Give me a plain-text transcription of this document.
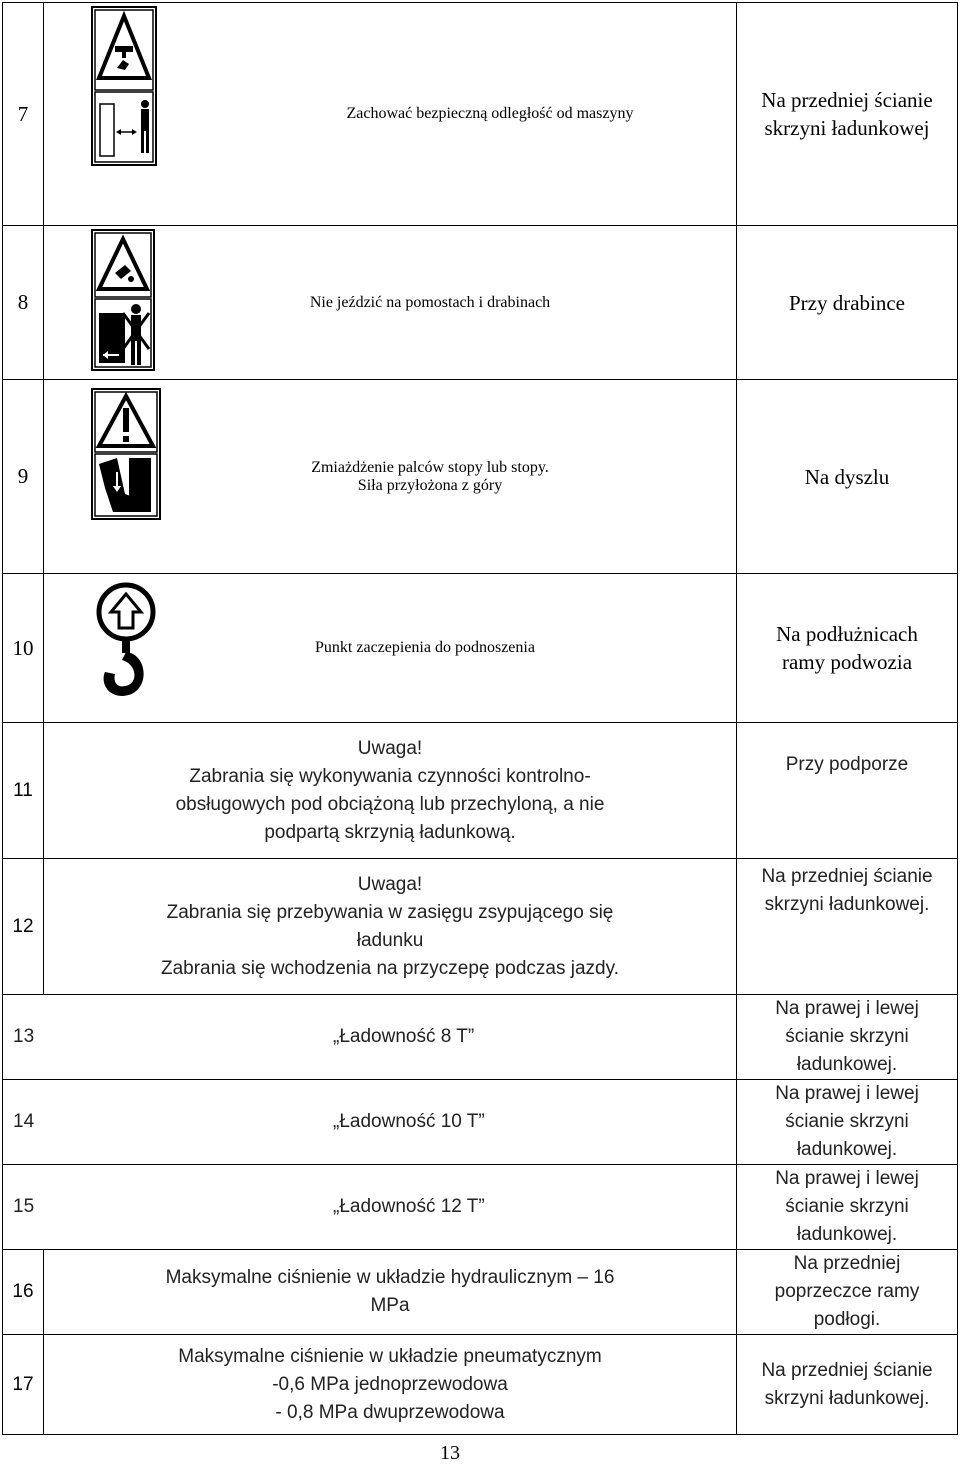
7	Zachować bezpieczną odległość od maszyny	Na przedniej ścianie
skrzyni ładunkowej

8	Nie jeździć na pomostach i drabinach	Przy drabince

9	Zmiażdżenie palców stopy lub stopy.
Siła przyłożona z góry	Na dyszlu

10	Punkt zaczepienia do podnoszenia	Na podłużnicach
ramy podwozia

11	Uwaga!
Zabrania się wykonywania czynności kontrolno-
obsługowych pod obciążoną lub przechyloną, a nie
podpartą skrzynią ładunkową.	Przy podporze

12	Uwaga!
Zabrania się przebywania w zasięgu zsypującego się
ładunku
Zabrania się wchodzenia na przyczepę podczas jazdy.	Na przedniej ścianie
skrzyni ładunkowej.

13 „Ładowność 8 T”		Na prawej i lewej
ścianie skrzyni
ładunkowej.

14 „Ładowność 10 T”		Na prawej i lewej
ścianie skrzyni
ładunkowej.

15 „Ładowność 12 T”		Na prawej i lewej
ścianie skrzyni
ładunkowej.

16	Maksymalne ciśnienie w układzie hydraulicznym – 16
MPa	Na przedniej
poprzeczce ramy
podłogi.

17	Maksymalne ciśnienie w układzie pneumatycznym
-0,6 MPa jednoprzewodowa
- 0,8 MPa dwuprzewodowa	Na przedniej ścianie
skrzyni ładunkowej.
13
